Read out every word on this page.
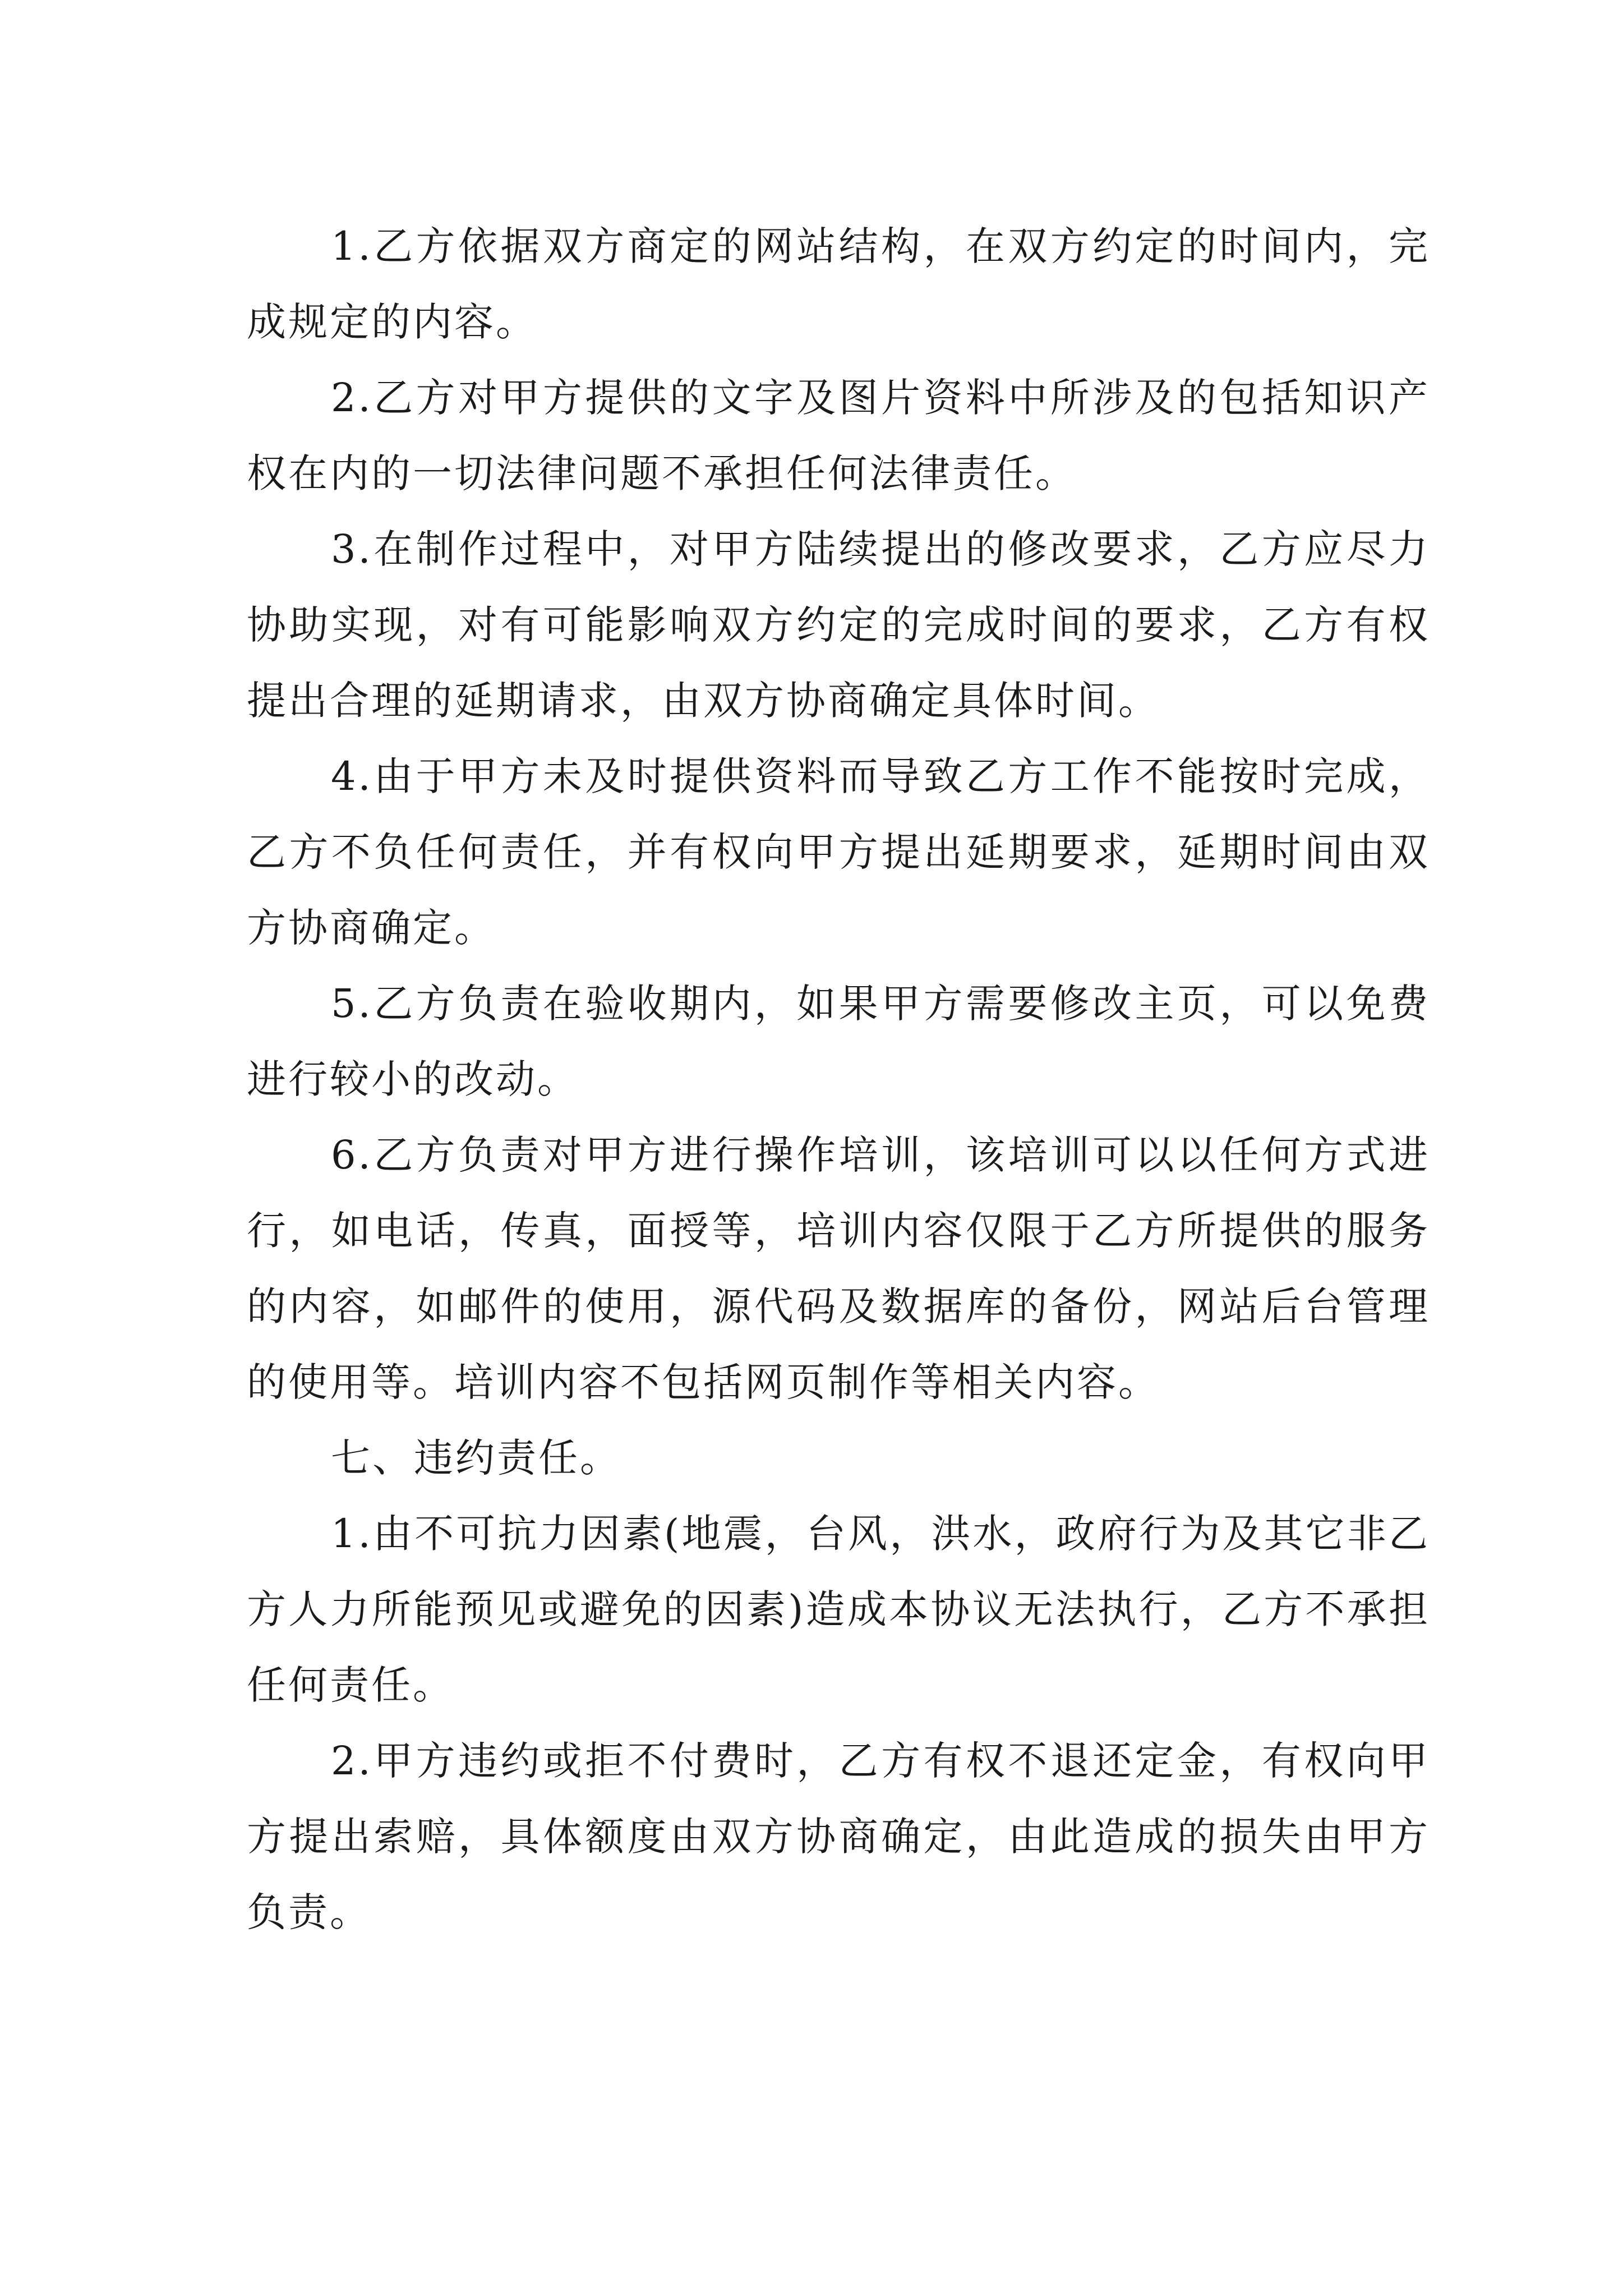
1.乙方依据双方商定的网站结构，在双方约定的时间内，完成规定的内容。

2.乙方对甲方提供的文字及图片资料中所涉及的包括知识产权在内的一切法律问题不承担任何法律责任。

3.在制作过程中，对甲方陆续提出的修改要求，乙方应尽力协助实现，对有可能影响双方约定的完成时间的要求，乙方有权提出合理的延期请求，由双方协商确定具体时间。

4.由于甲方未及时提供资料而导致乙方工作不能按时完成，乙方不负任何责任，并有权向甲方提出延期要求，延期时间由双方协商确定。

5.乙方负责在验收期内，如果甲方需要修改主页，可以免费进行较小的改动。

6.乙方负责对甲方进行操作培训，该培训可以以任何方式进行，如电话，传真，面授等，培训内容仅限于乙方所提供的服务的内容，如邮件的使用，源代码及数据库的备份，网站后台管理的使用等。培训内容不包括网页制作等相关内容。

七、违约责任。

1.由不可抗力因素(地震，台风，洪水，政府行为及其它非乙方人力所能预见或避免的因素)造成本协议无法执行，乙方不承担任何责任。

2.甲方违约或拒不付费时，乙方有权不退还定金，有权向甲方提出索赔，具体额度由双方协商确定，由此造成的损失由甲方负责。
